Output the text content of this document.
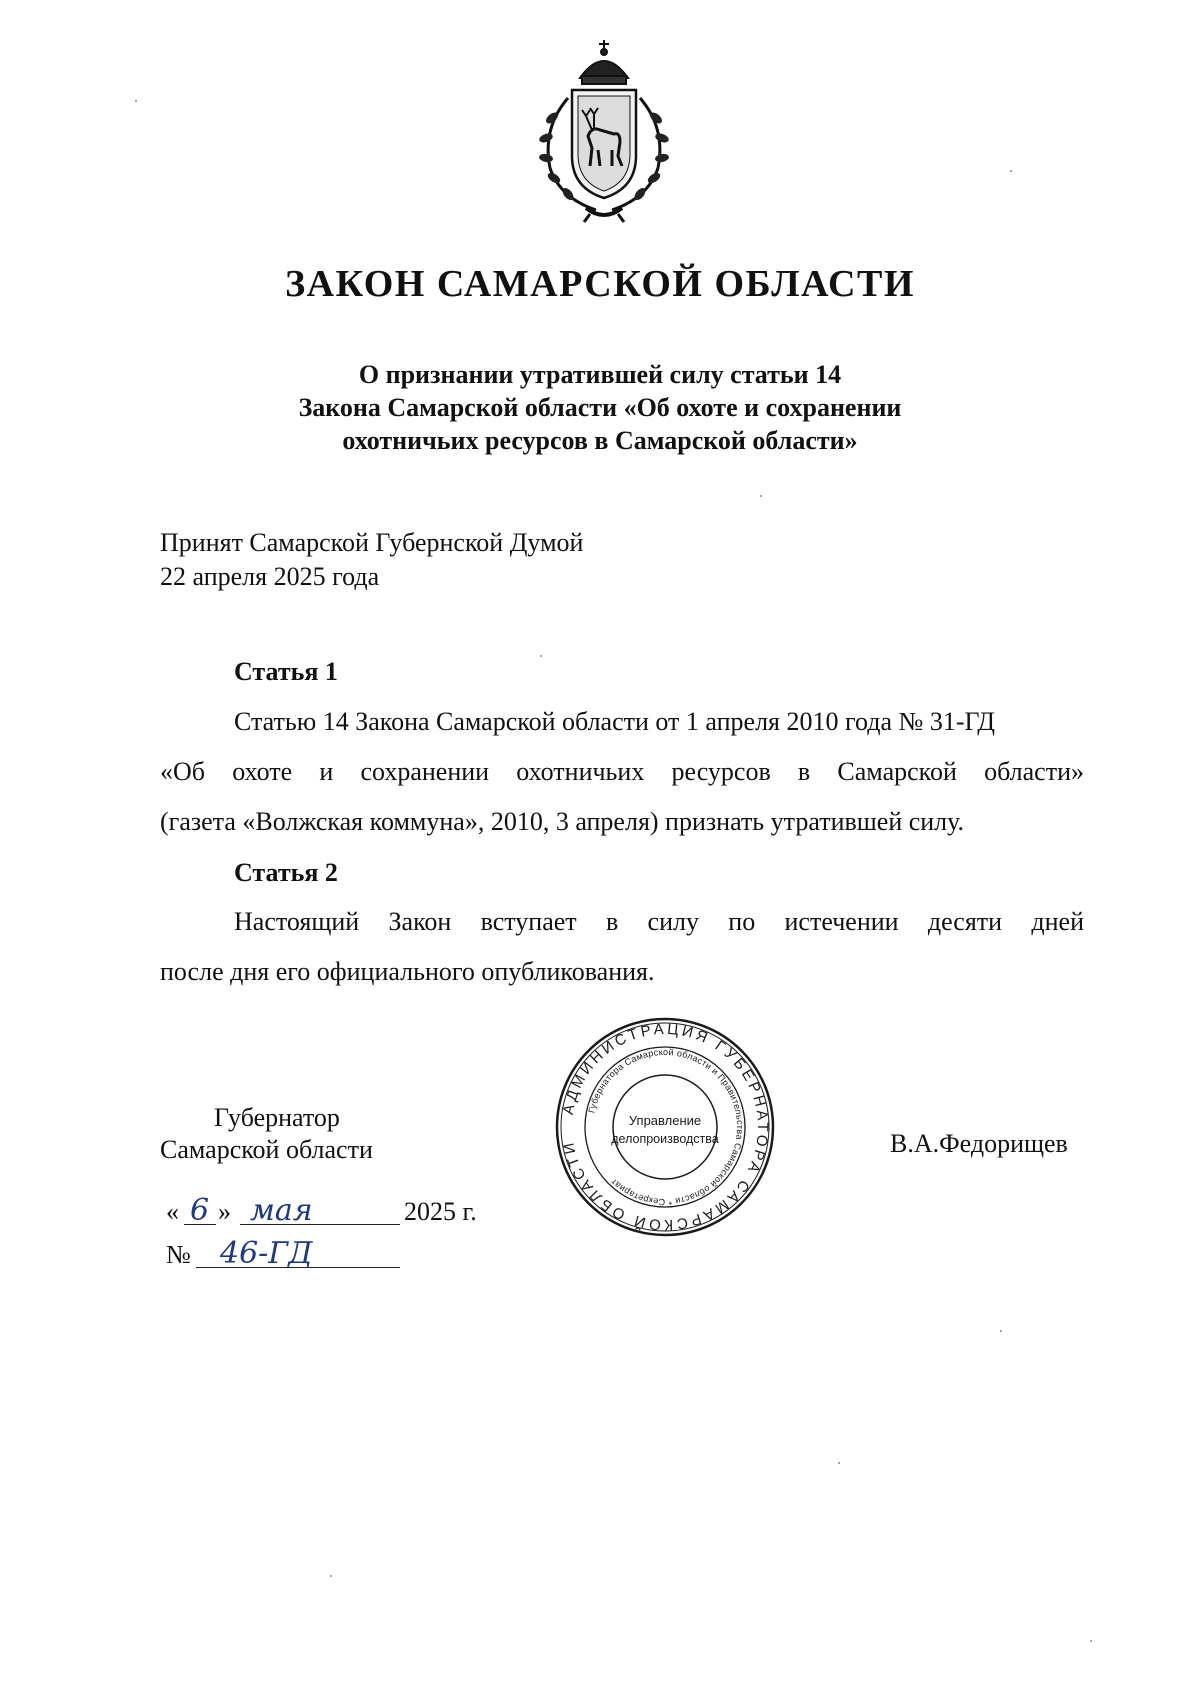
ЗАКОН САМАРСКОЙ ОБЛАСТИ
О признании утратившей силу статьи 14
Закона Самарской области «Об охоте и сохранении
охотничьих ресурсов в Самарской области»
Принят Самарской Губернской Думой
22 апреля 2025 года
Статья 1
Статью 14 Закона Самарской области от 1 апреля 2010 года № 31-ГД
«Об охоте и сохранении охотничьих ресурсов в Самарской области»
(газета «Волжская коммуна», 2010, 3 апреля) признать утратившей силу.
Статья 2
Настоящий Закон вступает в силу по истечении десяти дней
после дня его официального опубликования.
АДМИНИСТРАЦИЯ ГУБЕРНАТОРА САМАРСКОЙ ОБЛАСТИ
Губернатора Самарской области и Правительства Самарской области * Секретариат
Управление
делопроизводства
Губернатор
Самарской области	В.А.Федорищев
« 6 » мая	2025 г.
№ 46-ГД
